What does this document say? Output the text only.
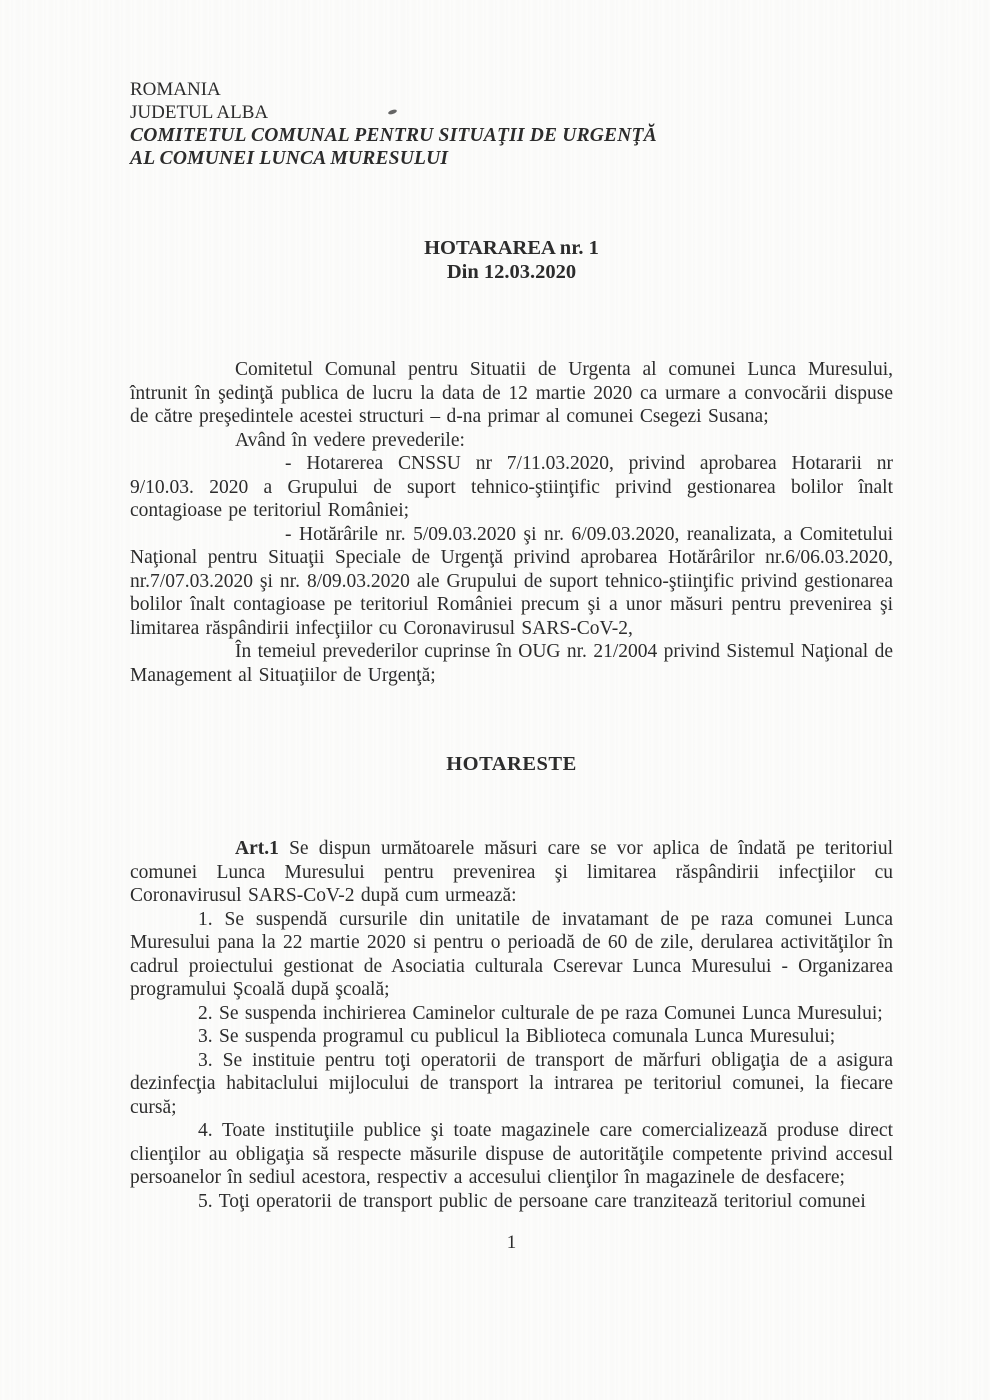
ROMANIA
JUDETUL ALBA
COMITETUL COMUNAL PENTRU SITUAŢII DE URGENŢĂ
AL COMUNEI LUNCA MURESULUI
HOTARAREA nr. 1
Din 12.03.2020

Comitetul Comunal pentru Situatii de Urgenta al comunei Lunca Muresului, întrunit în şedinţă publica de lucru la data de 12 martie 2020 ca urmare a convocării dispuse de către preşedintele acestei structuri – d-na primar al comunei Csegezi Susana;

Având în vedere prevederile:

- Hotarerea CNSSU nr 7/11.03.2020, privind aprobarea Hotararii nr 9/10.03. 2020 a Grupului de suport tehnico-ştiinţific privind gestionarea bolilor înalt contagioase pe teritoriul României;

- Hotărârile nr. 5/09.03.2020 şi nr. 6/09.03.2020, reanalizata, a Comitetului Naţional pentru Situaţii Speciale de Urgenţă privind aprobarea Hotărârilor nr.6/06.03.2020, nr.7/07.03.2020 şi nr. 8/09.03.2020 ale Grupului de suport tehnico-ştiinţific privind gestionarea bolilor înalt contagioase pe teritoriul României precum şi a unor măsuri pentru prevenirea şi limitarea răspândirii infecţiilor cu Coronavirusul SARS-CoV-2,

În temeiul prevederilor cuprinse în OUG nr. 21/2004 privind Sistemul Naţional de Management al Situaţiilor de Urgenţă;

HOTARESTE

Art.1 Se dispun următoarele măsuri care se vor aplica de îndată pe teritoriul comunei Lunca Muresului pentru prevenirea şi limitarea răspândirii infecţiilor cu Coronavirusul SARS-CoV-2 după cum urmează:

1. Se suspendă cursurile din unitatile de invatamant de pe raza comunei Lunca Muresului pana la 22 martie 2020 si pentru o perioadă de 60 de zile, derularea activităţilor în cadrul proiectului gestionat de Asociatia culturala Cserevar Lunca Muresului - Organizarea programului Şcoală după şcoală;

2. Se suspenda inchirierea Caminelor culturale de pe raza Comunei Lunca Muresului;

3. Se suspenda programul cu publicul la Biblioteca comunala Lunca Muresului;

3. Se instituie pentru toţi operatorii de transport de mărfuri obligaţia de a asigura dezinfecţia habitaclului mijlocului de transport la intrarea pe teritoriul comunei, la fiecare cursă;

4. Toate instituţiile publice şi toate magazinele care comercializează produse direct clienţilor au obligaţia să respecte măsurile dispuse de autorităţile competente privind accesul persoanelor în sediul acestora, respectiv a accesului clienţilor în magazinele de desfacere;

5. Toţi operatorii de transport public de persoane care tranzitează teritoriul comunei

1
